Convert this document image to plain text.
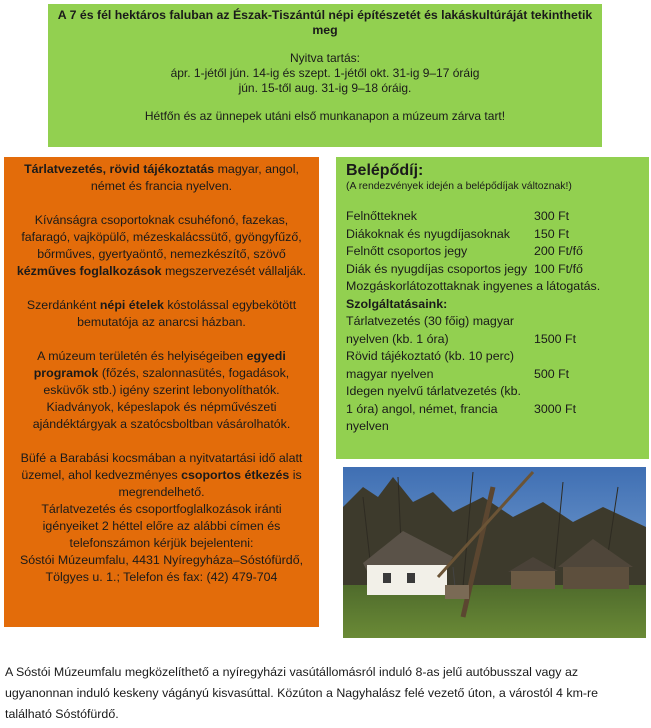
A 7 és fél hektáros faluban az Észak-Tiszántúl népi építészetét és lakáskultúráját tekinthetik meg
Nyitva tartás:
ápr. 1-jétől jún. 14-ig és szept. 1-jétől okt. 31-ig 9–17 óráig
jún. 15-től aug. 31-ig 9–18 óráig.
Hétfőn és az ünnepek utáni első munkanapon a múzeum zárva tart!

Tárlatvezetés, rövid tájékoztatás magyar, angol, német és francia nyelven.

Kívánságra csoportoknak csuhéfonó, fazekas, fafaragó, vajköpülő, mézeskalácssütő, gyöngyfűző, bőrműves, gyertyaöntő, nemezkészítő, szövő kézműves foglalkozások megszervezését vállalják.

Szerdánként népi ételek kóstolással egybekötött bemutatója az anarcsi házban.

A múzeum területén és helyiségeiben egyedi programok (főzés, szalonnasütés, fogadások, esküvők stb.) igény szerint lebonyolíthatók.

Kiadványok, képeslapok és népművészeti ajándéktárgyak a szatócsboltban vásárolhatók.

Büfé a Barabási kocsmában a nyitvatartási idő alatt üzemel, ahol kedvezményes csoportos étkezés is megrendelhető.

Tárlatvezetés és csoportfoglalkozások iránti igényeiket 2 héttel előre az alábbi címen és telefonszámon kérjük bejelenteni:

Sóstói Múzeumfalu, 4431 Nyíregyháza–Sóstófürdő,

Tölgyes u. 1.; Telefon és fax: (42) 479-704

Belépődíj:
(A rendezvények idején a belépődíjak változnak!)
Felnőtteknek	300 Ft
Diákoknak és nyugdíjasoknak	150 Ft
Felnőtt csoportos jegy	200 Ft/fő
Diák és nyugdíjas csoportos jegy 100 Ft/fő
Mozgáskorlátozottaknak ingyenes a látogatás.
Szolgáltatásaink:
Tárlatvezetés (30 főig) magyar nyelven (kb. 1 óra)	1500 Ft
Rövid tájékoztató (kb. 10 perc) magyar nyelven	500 Ft
Idegen nyelvű tárlatvezetés (kb. 1 óra) angol, német, francia nyelven
3000 Ft
A Sóstói Múzeumfalu megközelíthető a nyíregyházi vasútállomásról induló 8-as jelű autóbusszal vagy az ugyanonnan induló keskeny vágányú kisvasúttal. Közúton a Nagyhalász felé vezető úton, a várostól 4 km-re található Sóstófürdő.
